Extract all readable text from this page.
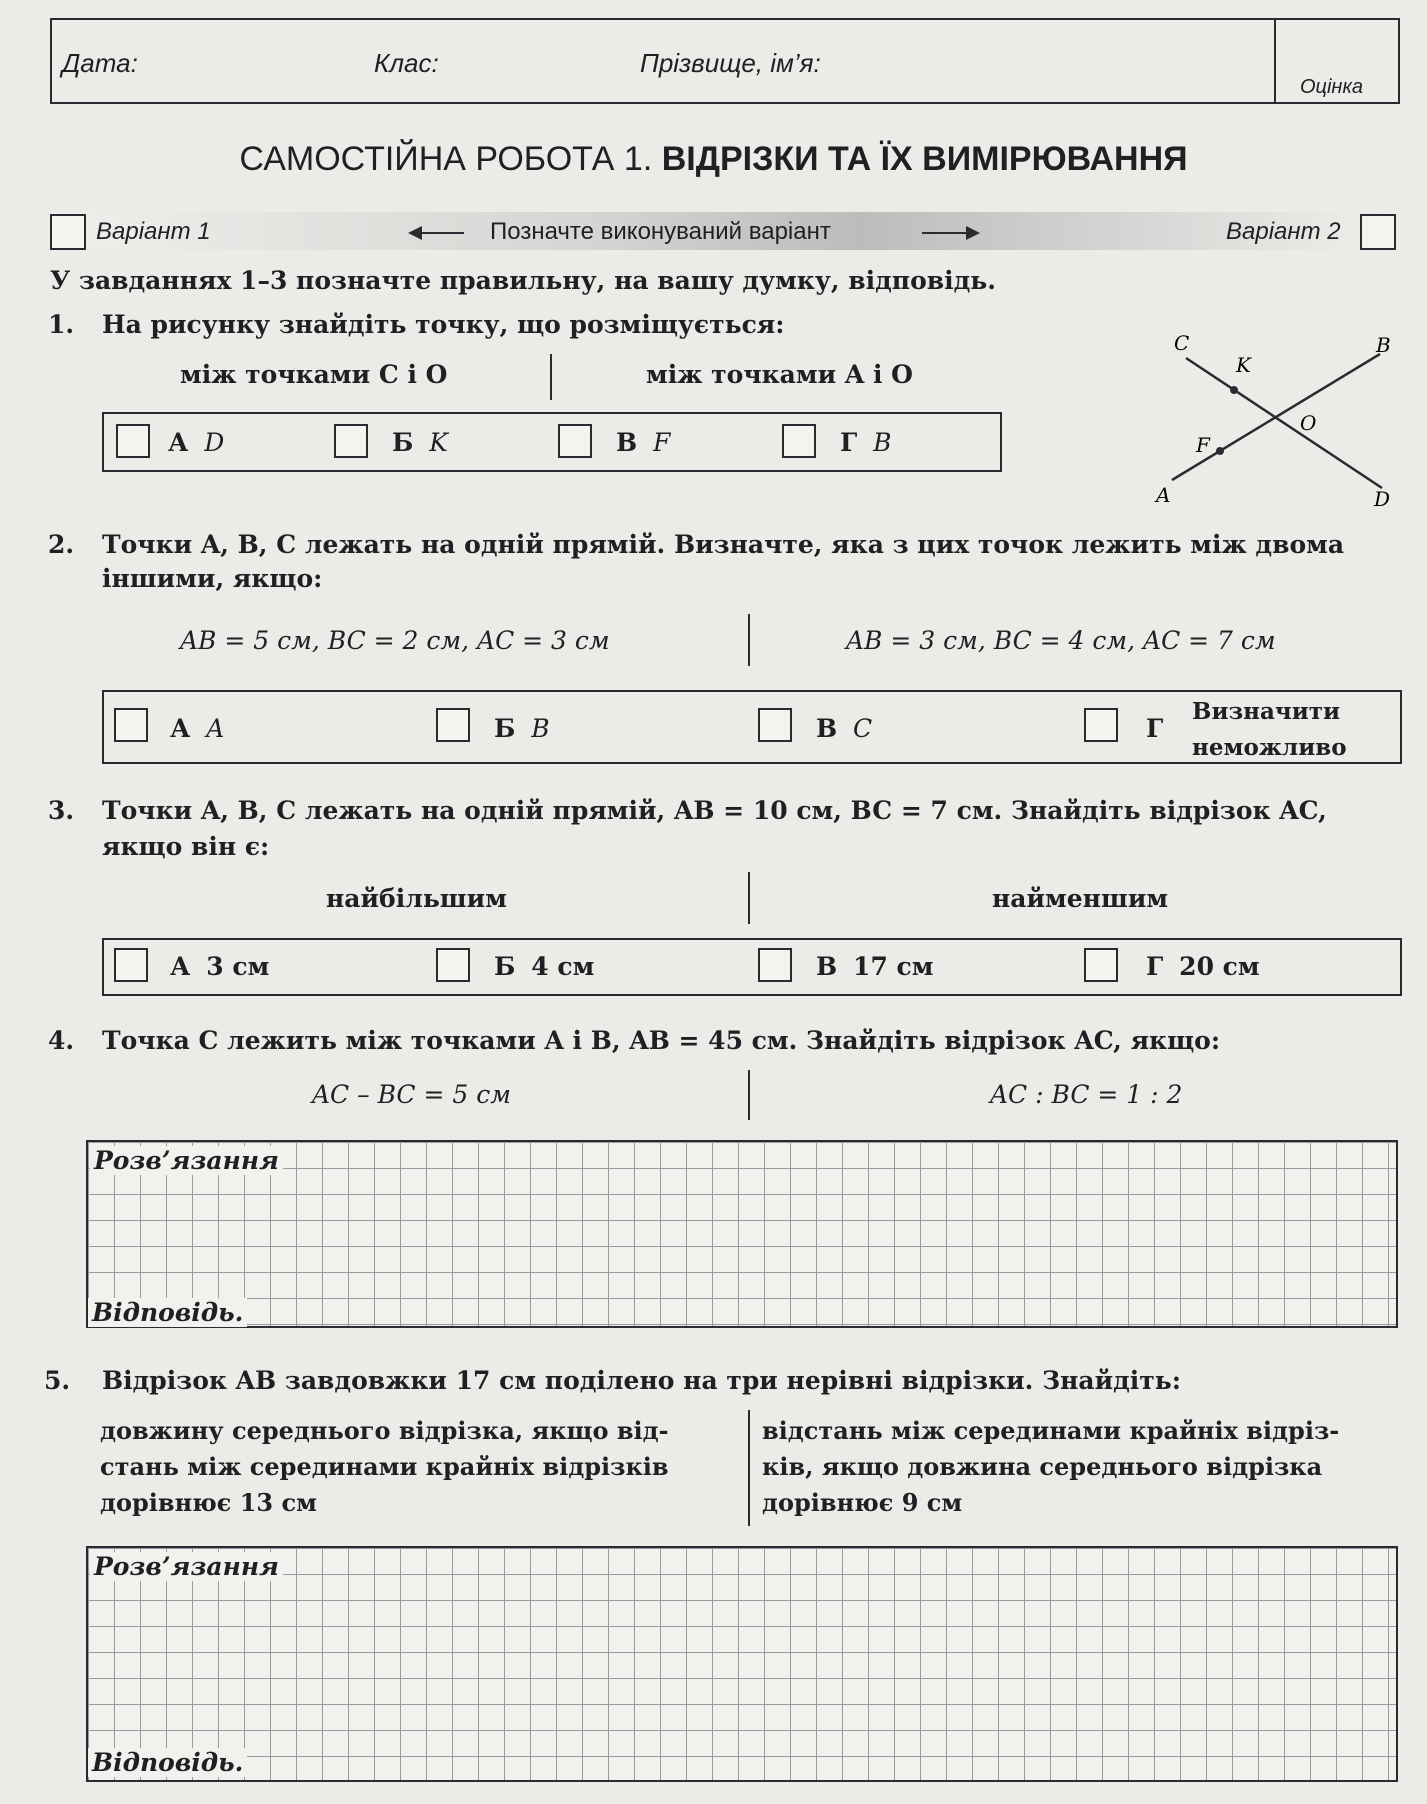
Дата:	Клас:	Прізвище, ім’я:
Оцінка
САМОСТІЙНА РОБОТА 1. ВІДРІЗКИ ТА ЇХ ВИМІРЮВАННЯ
Варіант 1	Позначте виконуваний варіант	Варіант 2
У завданнях 1–3 позначте правильну, на вашу думку, відповідь.
1. На рисунку знайдіть точку, що розміщується:
між точками C і O	між точками A і O
А D	Б K	В F	Г B
C	B
K
O
F
A	D
2. Точки A, B, C лежать на одній прямій. Визначте, яка з цих точок лежить між двома
іншими, якщо:
AB = 5 см, BC = 2 см, AC = 3 см	AB = 3 см, BC = 4 см, AC = 7 см
А A	Б B	В C	Г
Визначити
неможливо
3. Точки A, B, C лежать на одній прямій, AB = 10 см, BC = 7 см. Знайдіть відрізок AC,
якщо він є:
найбільшим	найменшим
А 3 см	Б 4 см	В 17 см	Г 20 см
4. Точка C лежить між точками A і B, AB = 45 см. Знайдіть відрізок AC, якщо:
AC – BC = 5 см	AC : BC = 1 : 2
Розв’язання
Відповідь.
5. Відрізок AB завдовжки 17 см поділено на три нерівні відрізки. Знайдіть:
довжину середнього відрізка, якщо від-
стань між серединами крайніх відрізків
дорівнює 13 см
відстань між серединами крайніх відріз-
ків, якщо довжина середнього відрізка
дорівнює 9 см
Розв’язання
Відповідь.
